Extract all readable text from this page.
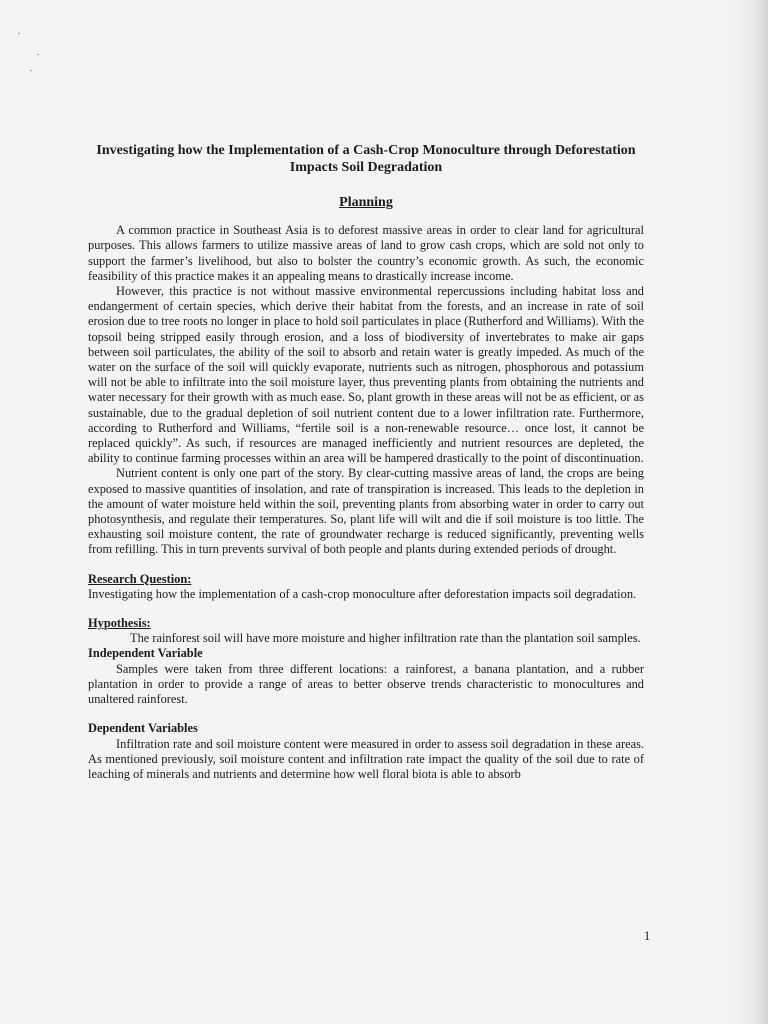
Investigating how the Implementation of a Cash-Crop Monoculture through Deforestation Impacts Soil Degradation
Planning

A common practice in Southeast Asia is to deforest massive areas in order to clear land for agricultural purposes. This allows farmers to utilize massive areas of land to grow cash crops, which are sold not only to support the farmer’s livelihood, but also to bolster the country’s economic growth. As such, the economic feasibility of this practice makes it an appealing means to drastically increase income.

However, this practice is not without massive environmental repercussions including habitat loss and endangerment of certain species, which derive their habitat from the forests, and an increase in rate of soil erosion due to tree roots no longer in place to hold soil particulates in place (Rutherford and Williams). With the topsoil being stripped easily through erosion, and a loss of biodiversity of invertebrates to make air gaps between soil particulates, the ability of the soil to absorb and retain water is greatly impeded. As much of the water on the surface of the soil will quickly evaporate, nutrients such as nitrogen, phosphorous and potassium will not be able to infiltrate into the soil moisture layer, thus preventing plants from obtaining the nutrients and water necessary for their growth with as much ease. So, plant growth in these areas will not be as efficient, or as sustainable, due to the gradual depletion of soil nutrient content due to a lower infiltration rate. Furthermore, according to Rutherford and Williams, “fertile soil is a non-renewable resource… once lost, it cannot be replaced quickly”. As such, if resources are managed inefficiently and nutrient resources are depleted, the ability to continue farming processes within an area will be hampered drastically to the point of discontinuation.

Nutrient content is only one part of the story. By clear-cutting massive areas of land, the crops are being exposed to massive quantities of insolation, and rate of transpiration is increased. This leads to the depletion in the amount of water moisture held within the soil, preventing plants from absorbing water in order to carry out photosynthesis, and regulate their temperatures. So, plant life will wilt and die if soil moisture is too little. The exhausting soil moisture content, the rate of groundwater recharge is reduced significantly, preventing wells from refilling. This in turn prevents survival of both people and plants during extended periods of drought.

Research Question:

Investigating how the implementation of a cash-crop monoculture after deforestation impacts soil degradation.

Hypothesis:

The rainforest soil will have more moisture and higher infiltration rate than the plantation soil samples.

Independent Variable

Samples were taken from three different locations: a rainforest, a banana plantation, and a rubber plantation in order to provide a range of areas to better observe trends characteristic to monocultures and unaltered rainforest.

Dependent Variables

Infiltration rate and soil moisture content were measured in order to assess soil degradation in these areas. As mentioned previously, soil moisture content and infiltration rate impact the quality of the soil due to rate of leaching of minerals and nutrients and determine how well floral biota is able to absorb

1
